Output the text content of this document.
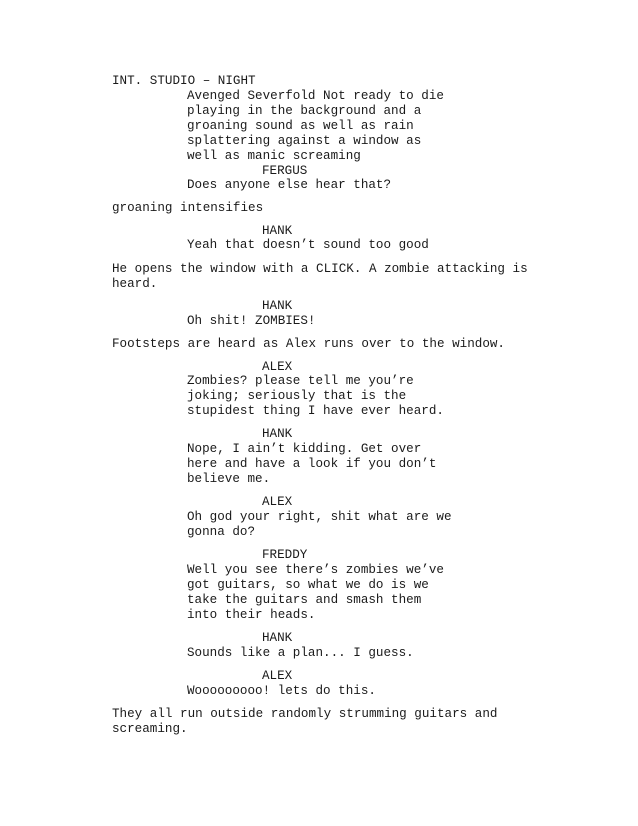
INT. STUDIO – NIGHT
Avenged Severfold Not ready to die
playing in the background and a
groaning sound as well as rain
splattering against a window as
well as manic screaming
FERGUS
Does anyone else hear that?
groaning intensifies
HANK
Yeah that doesn’t sound too good
He opens the window with a CLICK. A zombie attacking is
heard.
HANK
Oh shit! ZOMBIES!
Footsteps are heard as Alex runs over to the window.
ALEX
Zombies? please tell me you’re
joking; seriously that is the
stupidest thing I have ever heard.
HANK
Nope, I ain’t kidding. Get over
here and have a look if you don’t
believe me.
ALEX
Oh god your right, shit what are we
gonna do?
FREDDY
Well you see there’s zombies we’ve
got guitars, so what we do is we
take the guitars and smash them
into their heads.
HANK
Sounds like a plan... I guess.
ALEX
Wooooooooo! lets do this.
They all run outside randomly strumming guitars and
screaming.
